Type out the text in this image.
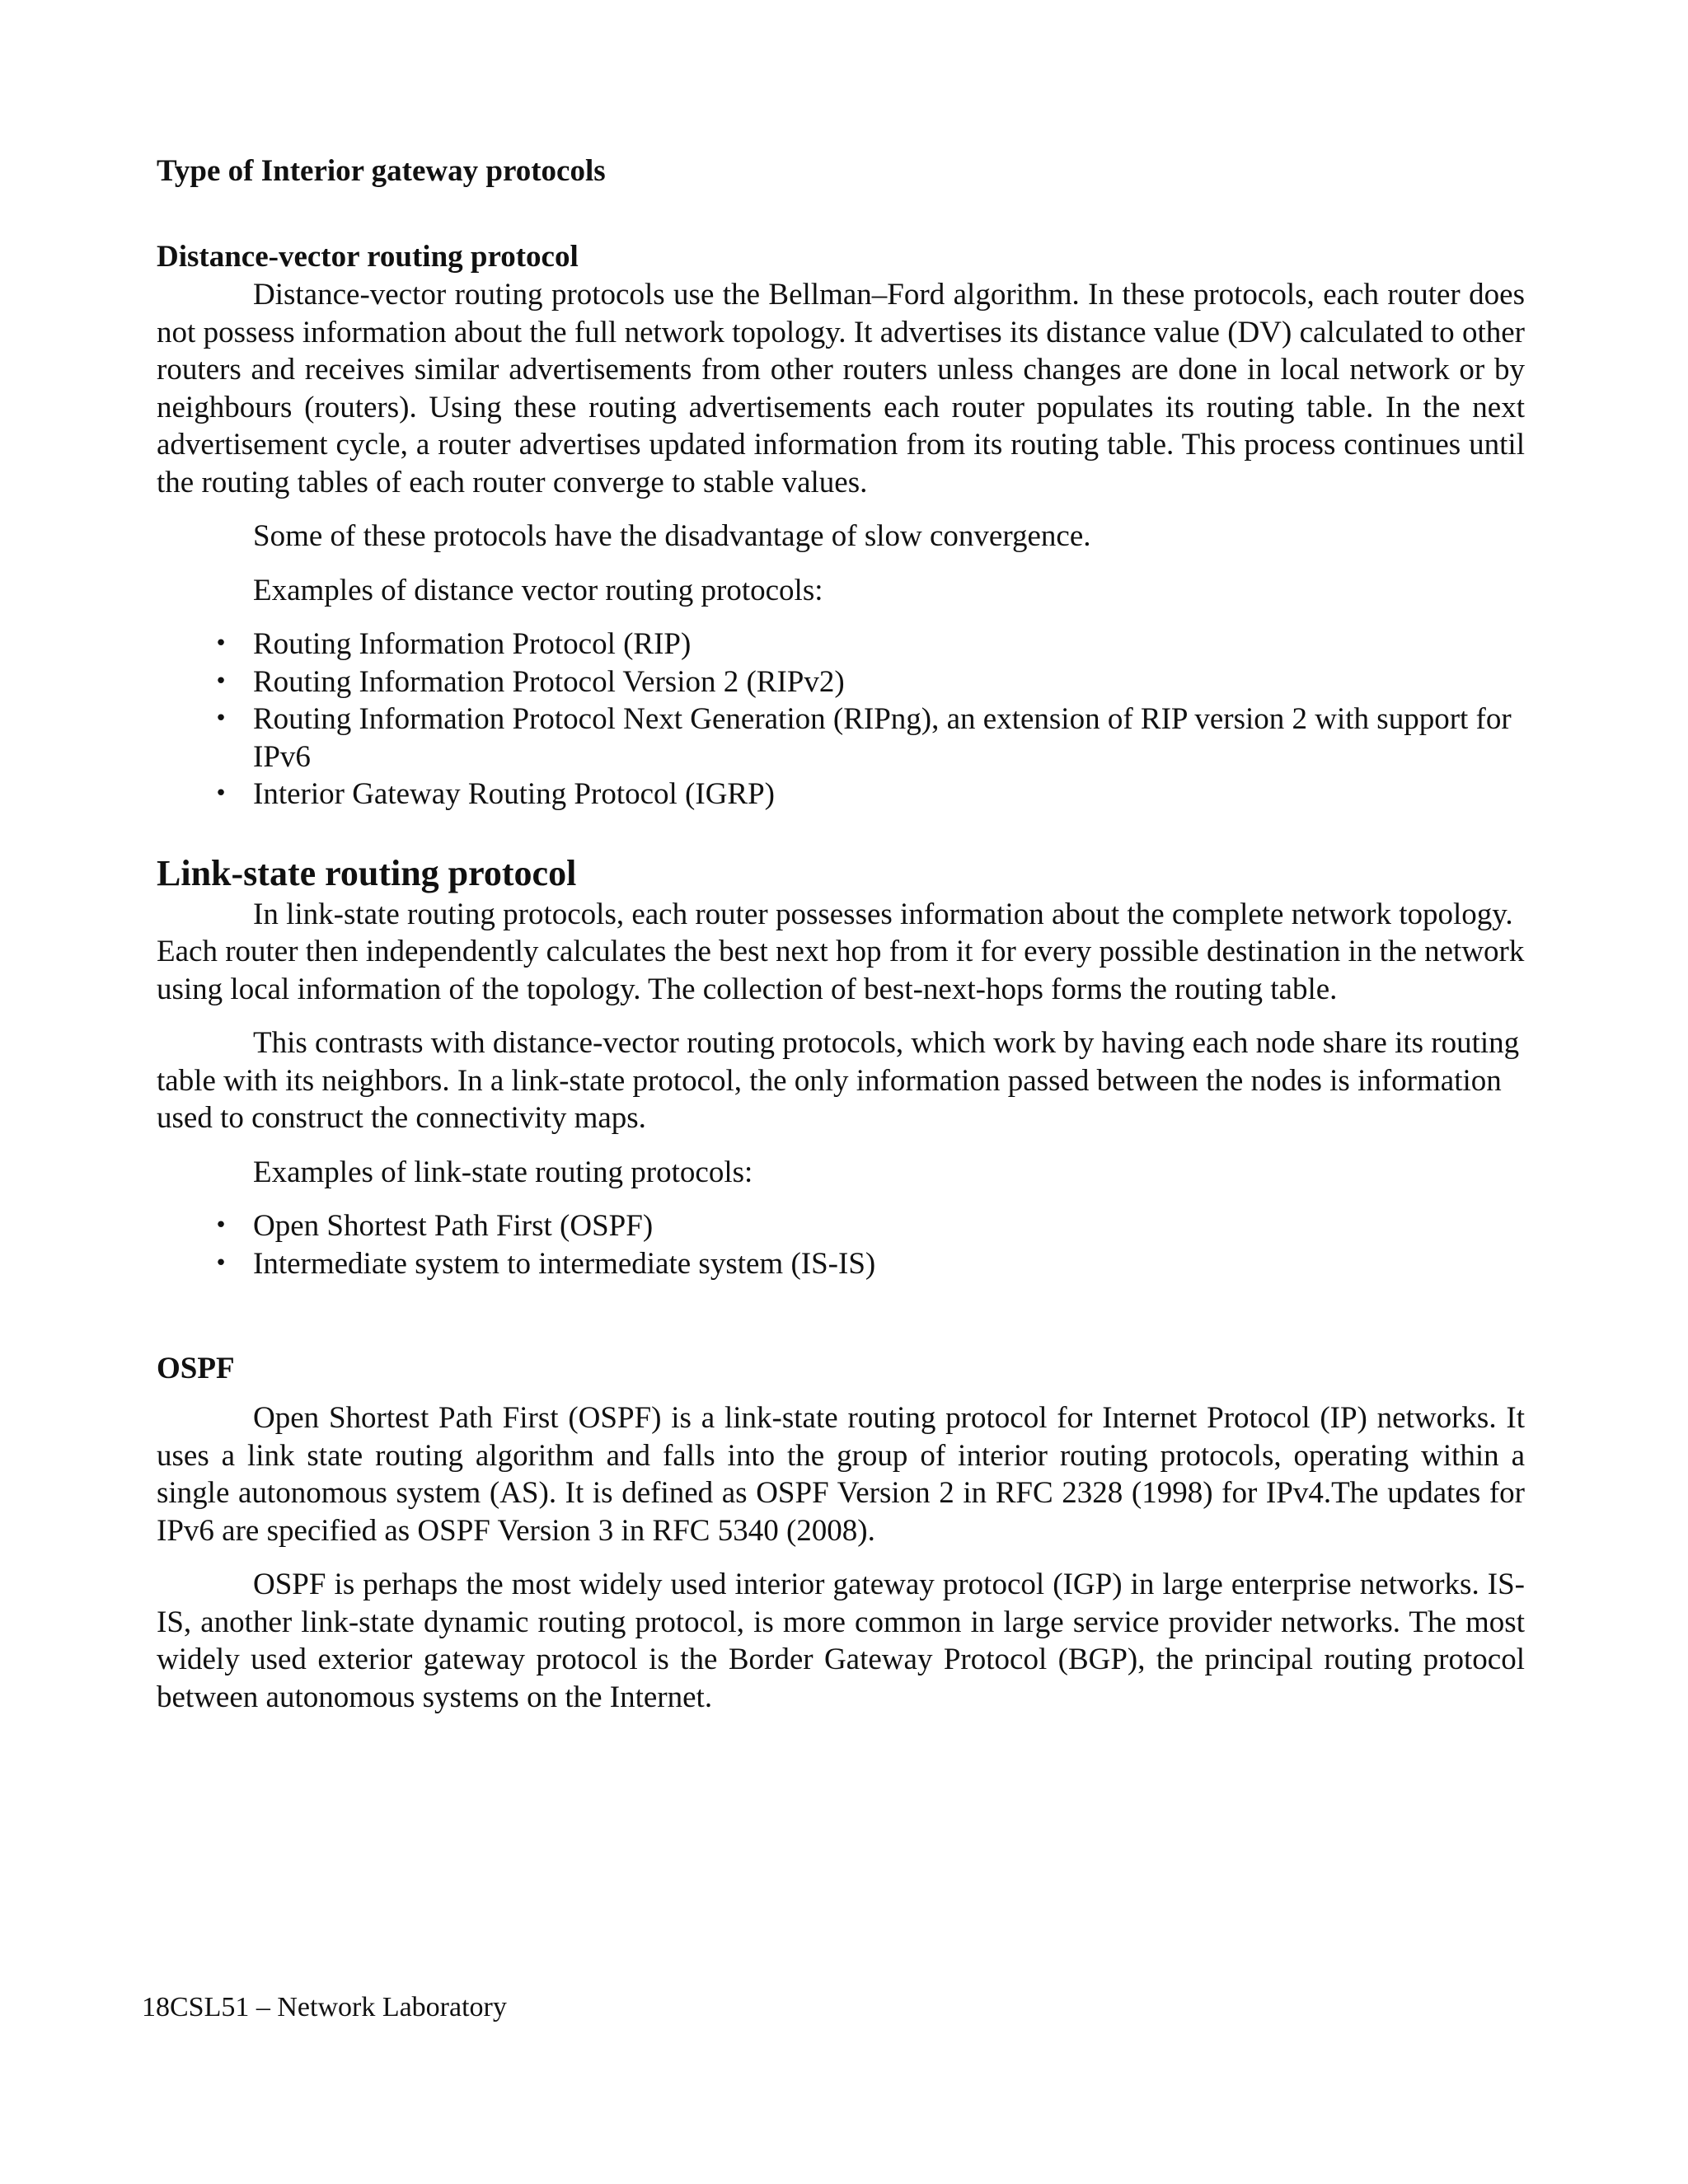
Type of Interior gateway protocols
Distance-vector routing protocol

Distance-vector routing protocols use the Bellman–Ford algorithm. In these protocols, each router does not possess information about the full network topology. It advertises its distance value (DV) calculated to other routers and receives similar advertisements from other routers unless changes are done in local network or by neighbours (routers). Using these routing advertisements each router populates its routing table. In the next advertisement cycle, a router advertises updated information from its routing table. This process continues until the routing tables of each router converge to stable values.

Some of these protocols have the disadvantage of slow convergence.

Examples of distance vector routing protocols:

• Routing Information Protocol (RIP)
• Routing Information Protocol Version 2 (RIPv2)
• Routing Information Protocol Next Generation (RIPng), an extension of RIP version 2 with support for IPv6
• Interior Gateway Routing Protocol (IGRP)
Link-state routing protocol

In link-state routing protocols, each router possesses information about the complete network topology. Each router then independently calculates the best next hop from it for every possible destination in the network using local information of the topology. The collection of best-next-hops forms the routing table.

This contrasts with distance-vector routing protocols, which work by having each node share its routing table with its neighbors. In a link-state protocol, the only information passed between the nodes is information used to construct the connectivity maps.

Examples of link-state routing protocols:

• Open Shortest Path First (OSPF)
• Intermediate system to intermediate system (IS-IS)
OSPF

Open Shortest Path First (OSPF) is a link-state routing protocol for Internet Protocol (IP) networks. It uses a link state routing algorithm and falls into the group of interior routing protocols, operating within a single autonomous system (AS). It is defined as OSPF Version 2 in RFC 2328 (1998) for IPv4.The updates for IPv6 are specified as OSPF Version 3 in RFC 5340 (2008).

OSPF is perhaps the most widely used interior gateway protocol (IGP) in large enterprise networks. IS-IS, another link-state dynamic routing protocol, is more common in large service provider networks. The most widely used exterior gateway protocol is the Border Gateway Protocol (BGP), the principal routing protocol between autonomous systems on the Internet.

18CSL51 – Network Laboratory
